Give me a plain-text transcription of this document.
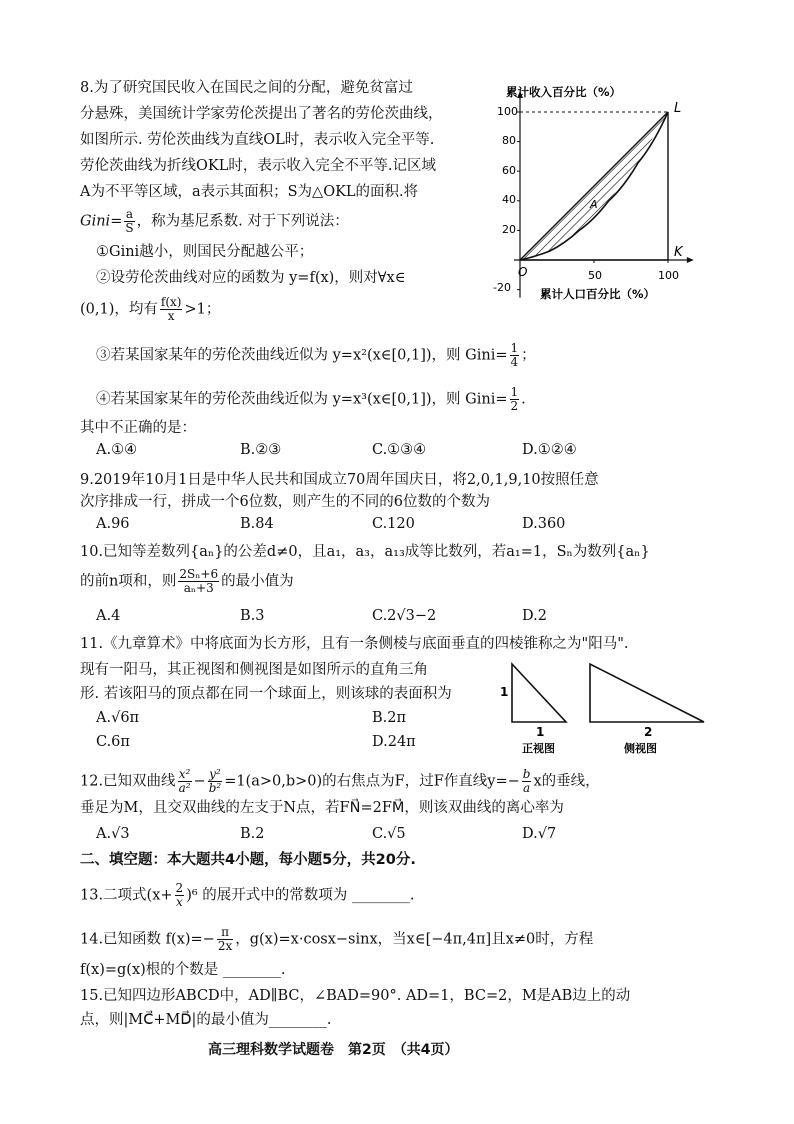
8.为了研究国民收入在国民之间的分配，避免贫富过
分悬殊，美国统计学家劳伦茨提出了著名的劳伦茨曲线，
如图所示. 劳伦茨曲线为直线OL时，表示收入完全平等.
劳伦茨曲线为折线OKL时，表示收入完全不平等.记区域
A为不平等区域，a表示其面积；S为△OKL的面积.将
Gini= $\frac{a}{S}$ ，称为基尼系数. 对于下列说法：
①Gini越小，则国民分配越公平；
②设劳伦茨曲线对应的函数为 y=f(x)，则对∀x∈
(0,1)，均有 $\frac{f(x)}{x} >1$；
③若某国家某年的劳伦茨曲线近似为 y=x²(x∈[0,1])，则 Gini= $\frac{1}{4}$ ；
④若某国家某年的劳伦茨曲线近似为 y=x³(x∈[0,1])，则 Gini= $\frac{1}{2}$ .
其中不正确的是：
A.①④	B.②③	C.①③④	D.①②④
累计收入百分比（%）
累计人口百分比（%）
L
K
O
A
100
80
60
40
20
-20
50	100
9.2019年10月1日是中华人民共和国成立70周年国庆日，将2,0,1,9,10按照任意
次序排成一行，拼成一个6位数，则产生的不同的6位数的个数为
A.96	B.84	C.120	D.360
10.已知等差数列{aₙ}的公差d≠0，且a₁，a₃，a₁₃成等比数列，若a₁=1，Sₙ为数列{aₙ}
的前n项和，则 $\frac{\text{2Sₙ+6}}{\text{aₙ+3}}$ 的最小值为
A.4	B.3	C.2√3−2	D.2
11.《九章算术》中将底面为长方形，且有一条侧棱与底面垂直的四棱锥称之为"阳马".
现有一阳马，其正视图和侧视图是如图所示的直角三角
形. 若该阳马的顶点都在同一个球面上，则该球的表面积为
A.√6π	B.2π
C.6π	D.24π
1
1	2
正视图	侧视图
12.已知双曲线 $\frac{\text{x²}}{\text{a²}} - \frac{\text{y²}}{\text{b²}} =1(a>0,b>0)$的右焦点为F，过F作直线$y=- \frac{b}{a}$ x的垂线，
垂足为M，且交双曲线的左支于N点，若FN⃗=2FM⃗，则该双曲线的离心率为
A.√3	B.2	C.√5	D.√7
二、填空题：本大题共4小题，每小题5分，共20分.
13.二项式$(x+ \frac{2}{x} )^6$ 的展开式中的常数项为 ________.
14.已知函数 $f(x)=- \frac{\pi}{2x}$ ，g(x)=x·cosx−sinx，当x∈[−4π,4π]且x≠0时，方程
f(x)=g(x)根的个数是 ________.
15.已知四边形ABCD中，AD∥BC，∠BAD=90°. AD=1，BC=2，M是AB边上的动
点，则|MC⃗+MD⃗|的最小值为________.
高三理科数学试题卷　第2页　（共4页）
